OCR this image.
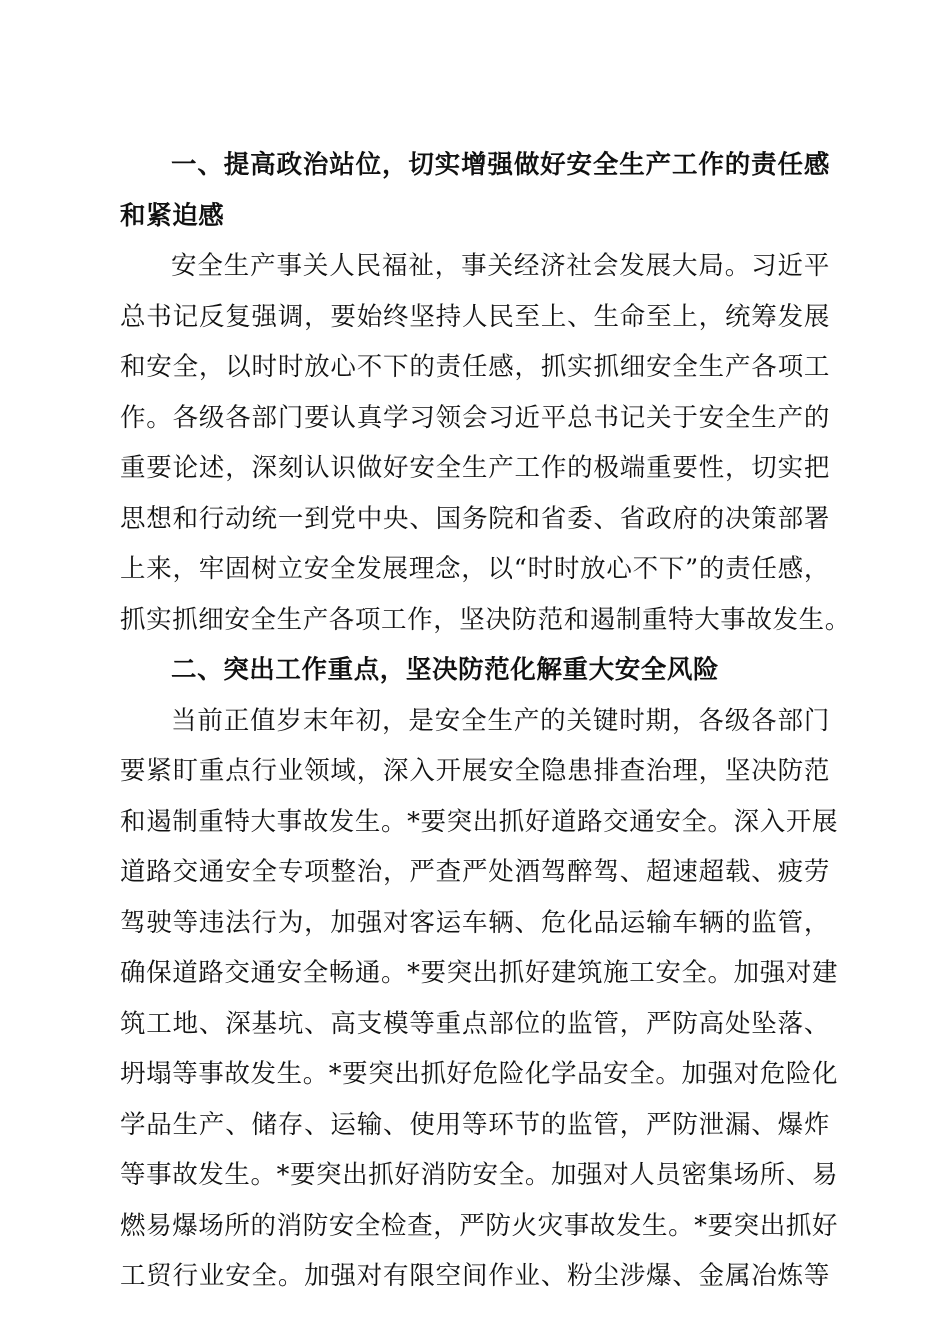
一、提高政治站位，切实增强做好安全生产工作的责任感
和紧迫感
安全生产事关人民福祉，事关经济社会发展大局。习近平
总书记反复强调，要始终坚持人民至上、生命至上，统筹发展
和安全，以时时放心不下的责任感，抓实抓细安全生产各项工
作。各级各部门要认真学习领会习近平总书记关于安全生产的
重要论述，深刻认识做好安全生产工作的极端重要性，切实把
思想和行动统一到党中央、国务院和省委、省政府的决策部署
上来，牢固树立安全发展理念，以“时时放心不下”的责任感，
抓实抓细安全生产各项工作，坚决防范和遏制重特大事故发生。
二、突出工作重点，坚决防范化解重大安全风险
当前正值岁末年初，是安全生产的关键时期，各级各部门
要紧盯重点行业领域，深入开展安全隐患排查治理，坚决防范
和遏制重特大事故发生。*要突出抓好道路交通安全。深入开展
道路交通安全专项整治，严查严处酒驾醉驾、超速超载、疲劳
驾驶等违法行为，加强对客运车辆、危化品运输车辆的监管，
确保道路交通安全畅通。*要突出抓好建筑施工安全。加强对建
筑工地、深基坑、高支模等重点部位的监管，严防高处坠落、
坍塌等事故发生。*要突出抓好危险化学品安全。加强对危险化
学品生产、储存、运输、使用等环节的监管，严防泄漏、爆炸
等事故发生。*要突出抓好消防安全。加强对人员密集场所、易
燃易爆场所的消防安全检查，严防火灾事故发生。*要突出抓好
工贸行业安全。加强对有限空间作业、粉尘涉爆、金属冶炼等
